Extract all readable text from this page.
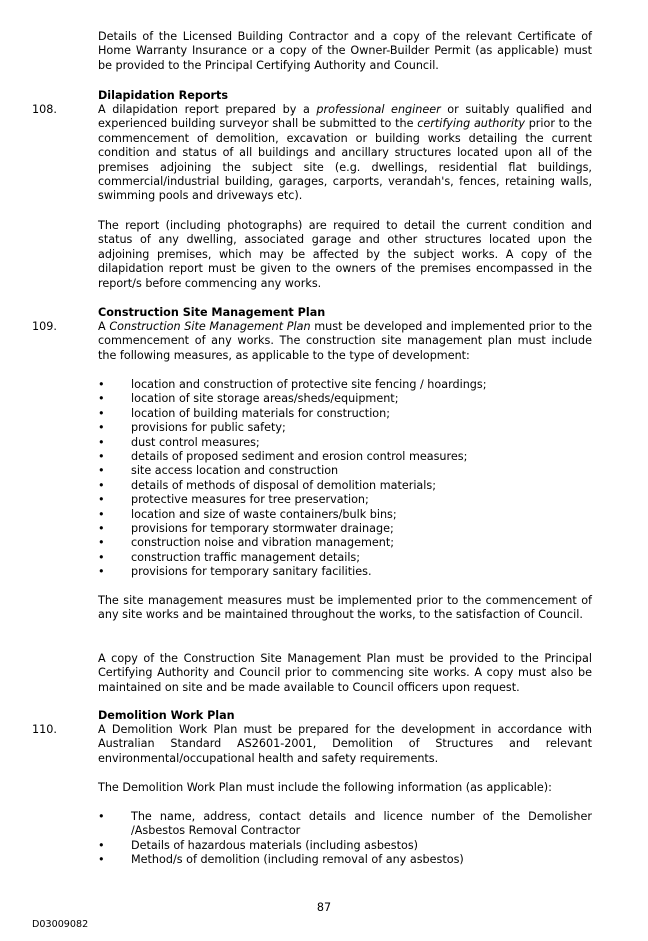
Details of the Licensed Building Contractor and a copy of the relevant Certificate of Home Warranty Insurance or a copy of the Owner-Builder Permit (as applicable) must be provided to the Principal Certifying Authority and Council.

Dilapidation Reports
108.	A dilapidation report prepared by a professional engineer or suitably qualified and experienced building surveyor shall be submitted to the certifying authority prior to the commencement of demolition, excavation or building works detailing the current condition and status of all buildings and ancillary structures located upon all of the premises adjoining the subject site (e.g. dwellings, residential flat buildings, commercial/industrial building, garages, carports, verandah's, fences, retaining walls, swimming pools and driveways etc).

The report (including photographs) are required to detail the current condition and status of any dwelling, associated garage and other structures located upon the adjoining premises, which may be affected by the subject works. A copy of the dilapidation report must be given to the owners of the premises encompassed in the report/s before commencing any works.

Construction Site Management Plan
109.	A Construction Site Management Plan must be developed and implemented prior to the commencement of any works. The construction site management plan must include the following measures, as applicable to the type of development:

• location and construction of protective site fencing / hoardings;
• location of site storage areas/sheds/equipment;
• location of building materials for construction;
• provisions for public safety;
• dust control measures;
• details of proposed sediment and erosion control measures;
• site access location and construction
• details of methods of disposal of demolition materials;
• protective measures for tree preservation;
• location and size of waste containers/bulk bins;
• provisions for temporary stormwater drainage;
• construction noise and vibration management;
• construction traffic management details;
• provisions for temporary sanitary facilities.

The site management measures must be implemented prior to the commencement of any site works and be maintained throughout the works, to the satisfaction of Council.

A copy of the Construction Site Management Plan must be provided to the Principal Certifying Authority and Council prior to commencing site works. A copy must also be maintained on site and be made available to Council officers upon request.

Demolition Work Plan
110.	A Demolition Work Plan must be prepared for the development in accordance with Australian Standard AS2601-2001, Demolition of Structures and relevant environmental/occupational health and safety requirements.

The Demolition Work Plan must include the following information (as applicable):

• The name, address, contact details and licence number of the Demolisher /Asbestos Removal Contractor
• Details of hazardous materials (including asbestos)
• Method/s of demolition (including removal of any asbestos)
87
D03009082
